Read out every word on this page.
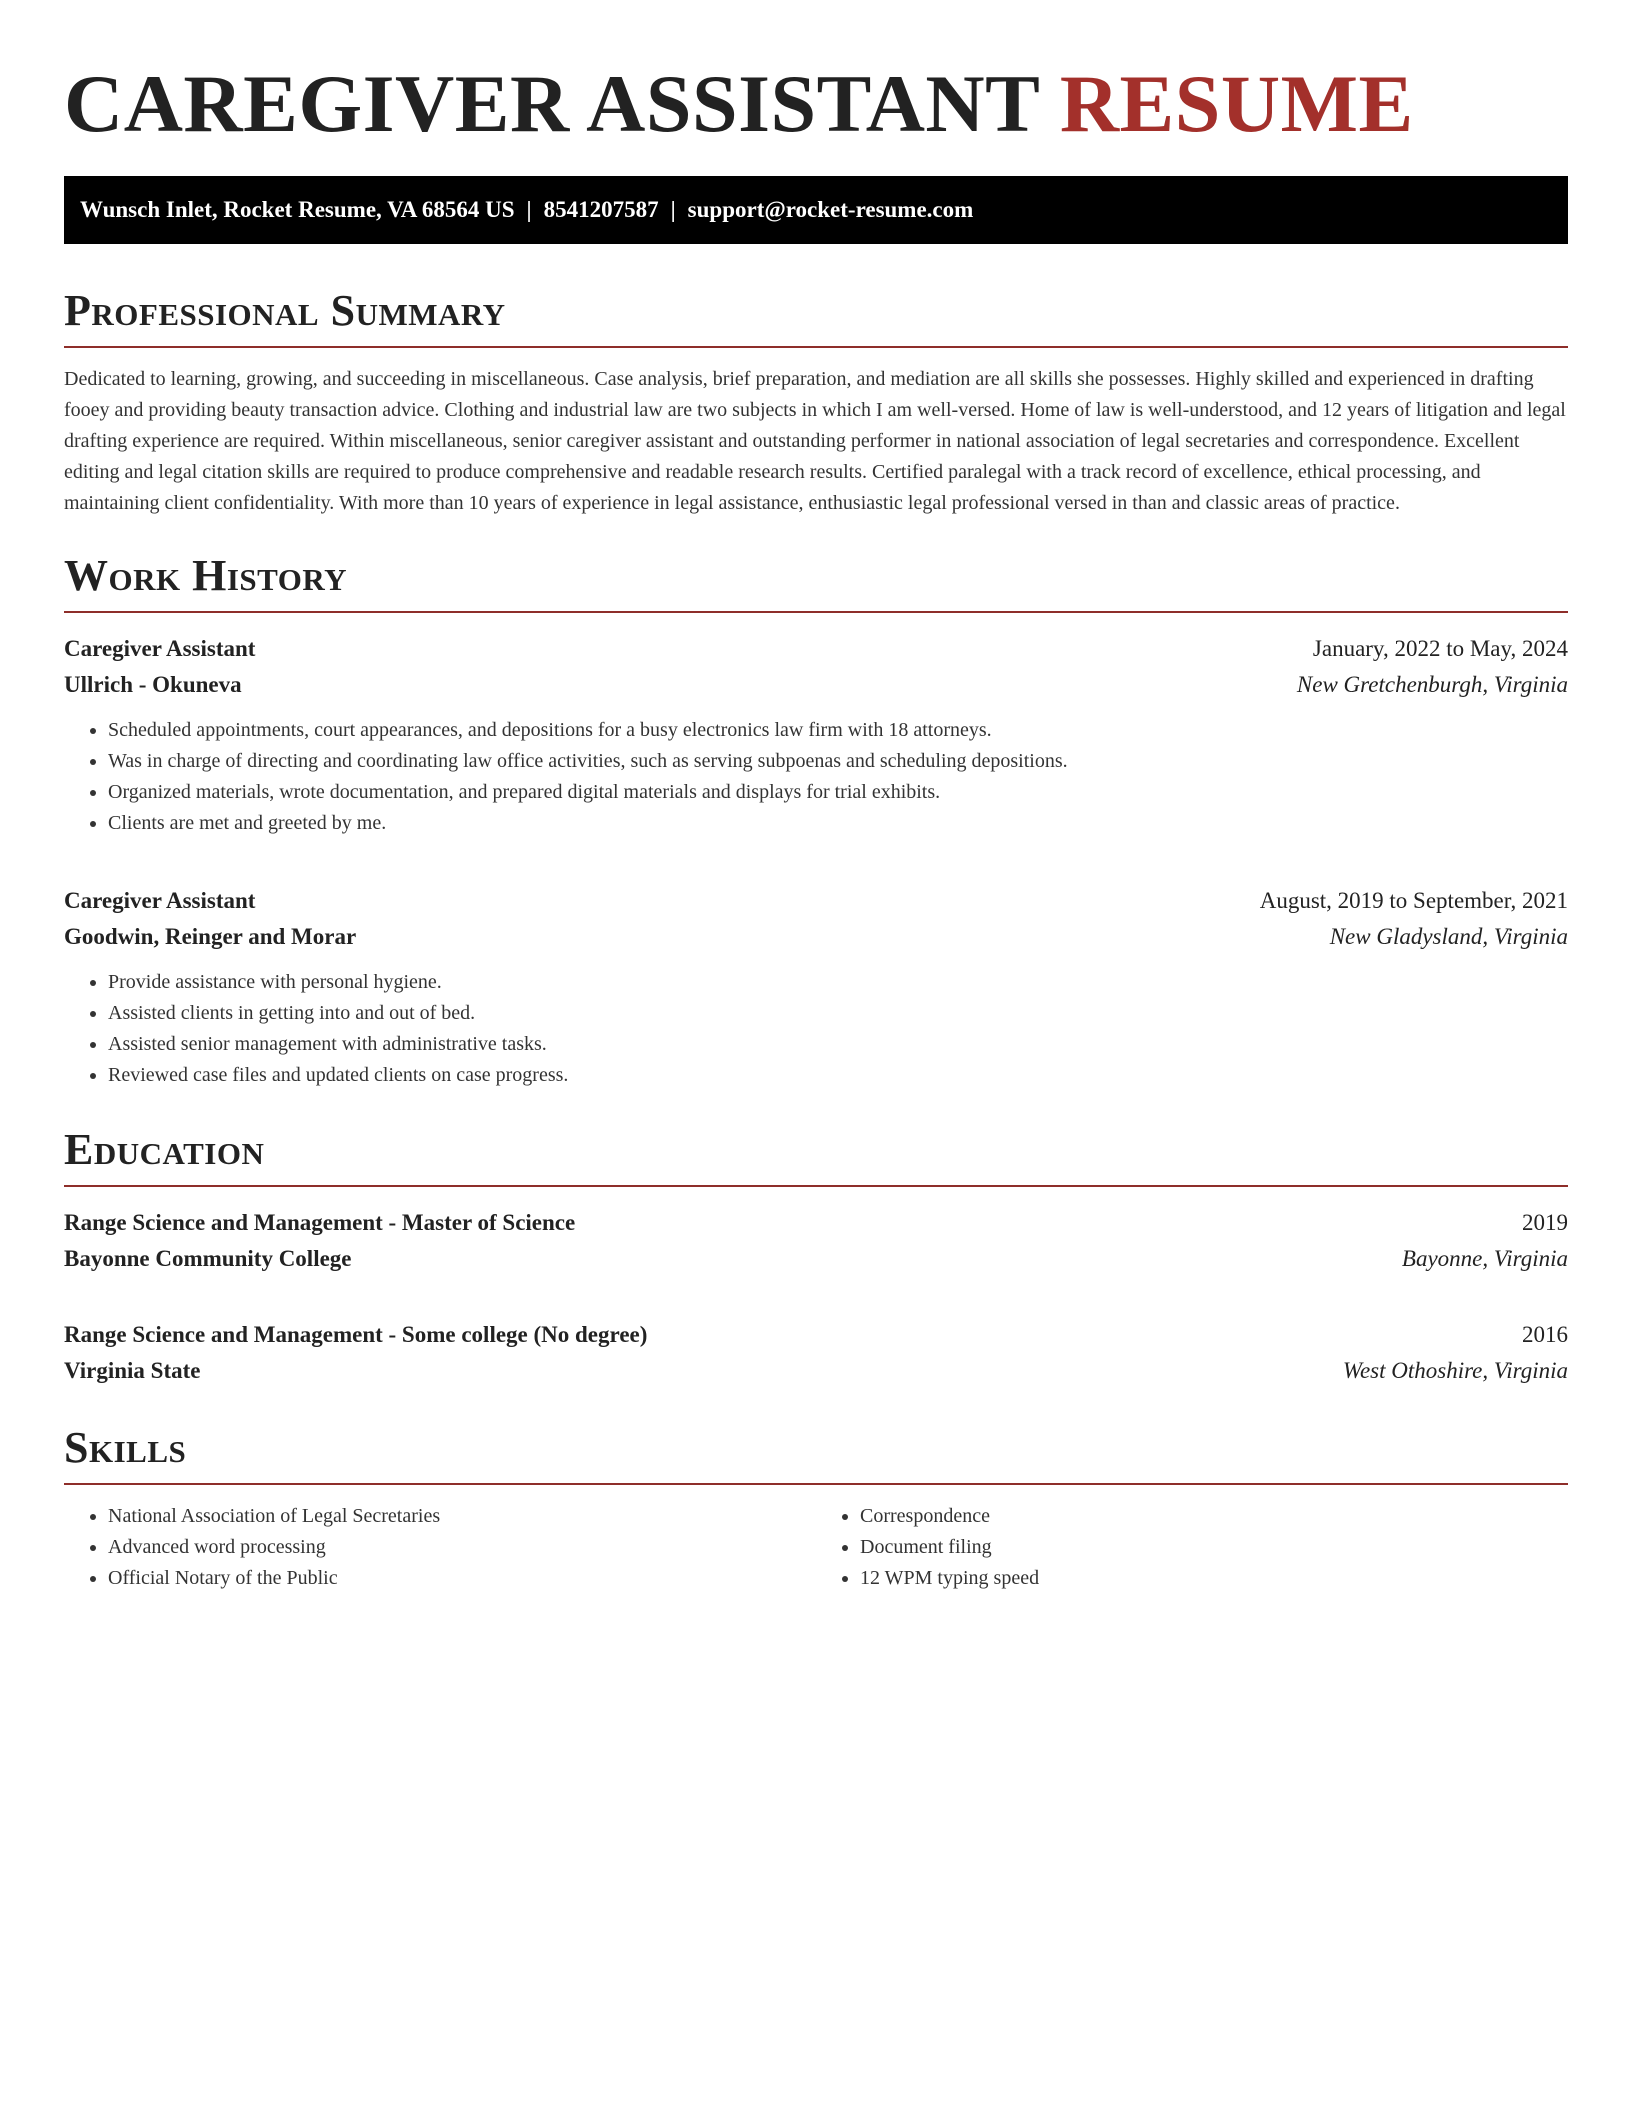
CAREGIVER ASSISTANT RESUME
Wunsch Inlet, Rocket Resume, VA 68564 US | 8541207587 | support@rocket-resume.com
Professional Summary

Dedicated to learning, growing, and succeeding in miscellaneous. Case analysis, brief preparation, and mediation are all skills she possesses. Highly skilled and experienced in drafting fooey and providing beauty transaction advice. Clothing and industrial law are two subjects in which I am well-versed. Home of law is well-understood, and 12 years of litigation and legal drafting experience are required. Within miscellaneous, senior caregiver assistant and outstanding performer in national association of legal secretaries and correspondence. Excellent editing and legal citation skills are required to produce comprehensive and readable research results. Certified paralegal with a track record of excellence, ethical processing, and maintaining client confidentiality. With more than 10 years of experience in legal assistance, enthusiastic legal professional versed in than and classic areas of practice.

Work History
Caregiver Assistant	January, 2022 to May, 2024
Ullrich - Okuneva	New Gretchenburgh, Virginia
• Scheduled appointments, court appearances, and depositions for a busy electronics law firm with 18 attorneys.
• Was in charge of directing and coordinating law office activities, such as serving subpoenas and scheduling depositions.
• Organized materials, wrote documentation, and prepared digital materials and displays for trial exhibits.
• Clients are met and greeted by me.
Caregiver Assistant	August, 2019 to September, 2021
Goodwin, Reinger and Morar	New Gladysland, Virginia
• Provide assistance with personal hygiene.
• Assisted clients in getting into and out of bed.
• Assisted senior management with administrative tasks.
• Reviewed case files and updated clients on case progress.
Education
Range Science and Management - Master of Science	2019
Bayonne Community College	Bayonne, Virginia
Range Science and Management - Some college (No degree)	2016
Virginia State	West Othoshire, Virginia
Skills
• National Association of Legal Secretaries
• Advanced word processing
• Official Notary of the Public
• Correspondence
• Document filing
• 12 WPM typing speed
